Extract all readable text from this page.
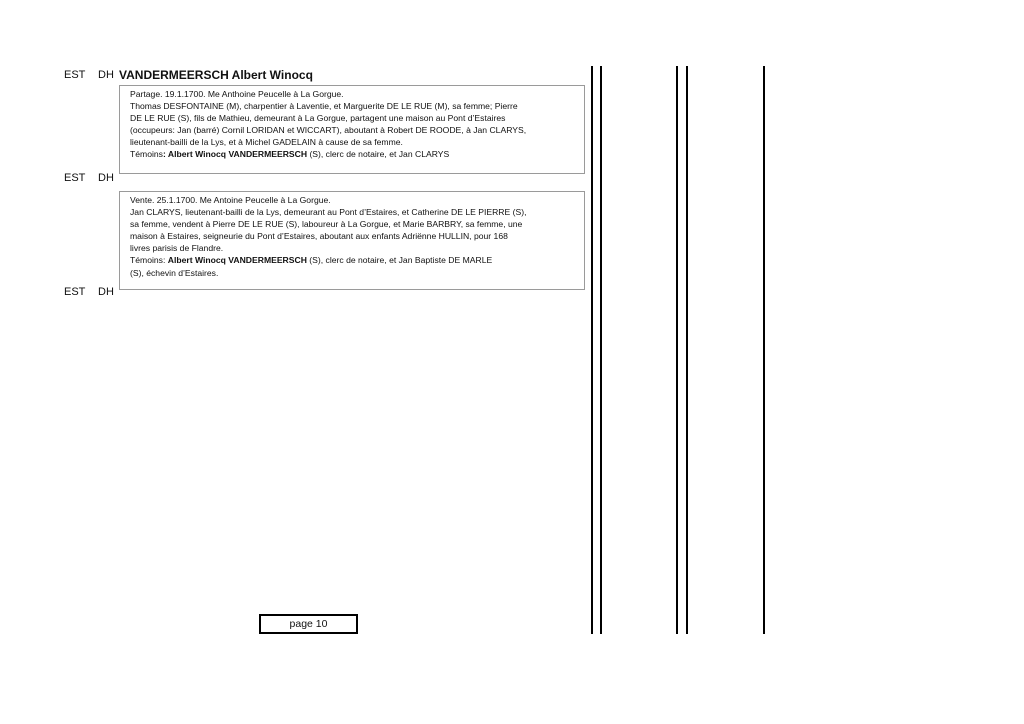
EST DH VANDERMEERSCH Albert Winocq

Partage. 19.1.1700. Me Anthoine Peucelle à La Gorgue.

Thomas DESFONTAINE (M), charpentier à Laventie, et Marguerite DE LE RUE (M), sa femme; Pierre

DE LE RUE (S), fils de Mathieu, demeurant à La Gorgue, partagent une maison au Pont d’Estaires

(occupeurs: Jan (barré) Cornil LORIDAN et WICCART), aboutant à Robert DE ROODE, à Jan CLARYS,

lieutenant-bailli de la Lys, et à Michel GADELAIN à cause de sa femme.

Témoins: Albert Winocq VANDERMEERSCH (S), clerc de notaire, et Jan CLARYS

EST DH

Vente. 25.1.1700. Me Antoine Peucelle à La Gorgue.

Jan CLARYS, lieutenant-bailli de la Lys, demeurant au Pont d’Estaires, et Catherine DE LE PIERRE (S),

sa femme, vendent à Pierre DE LE RUE (S), laboureur à La Gorgue, et Marie BARBRY, sa femme, une

maison à Estaires, seigneurie du Pont d’Estaires, aboutant aux enfants Adriënne HULLIN, pour 168

livres parisis de Flandre.

Témoins: Albert Winocq VANDERMEERSCH (S), clerc de notaire, et Jan Baptiste DE MARLE

(S), échevin d’Estaires.

EST DH
page 10
